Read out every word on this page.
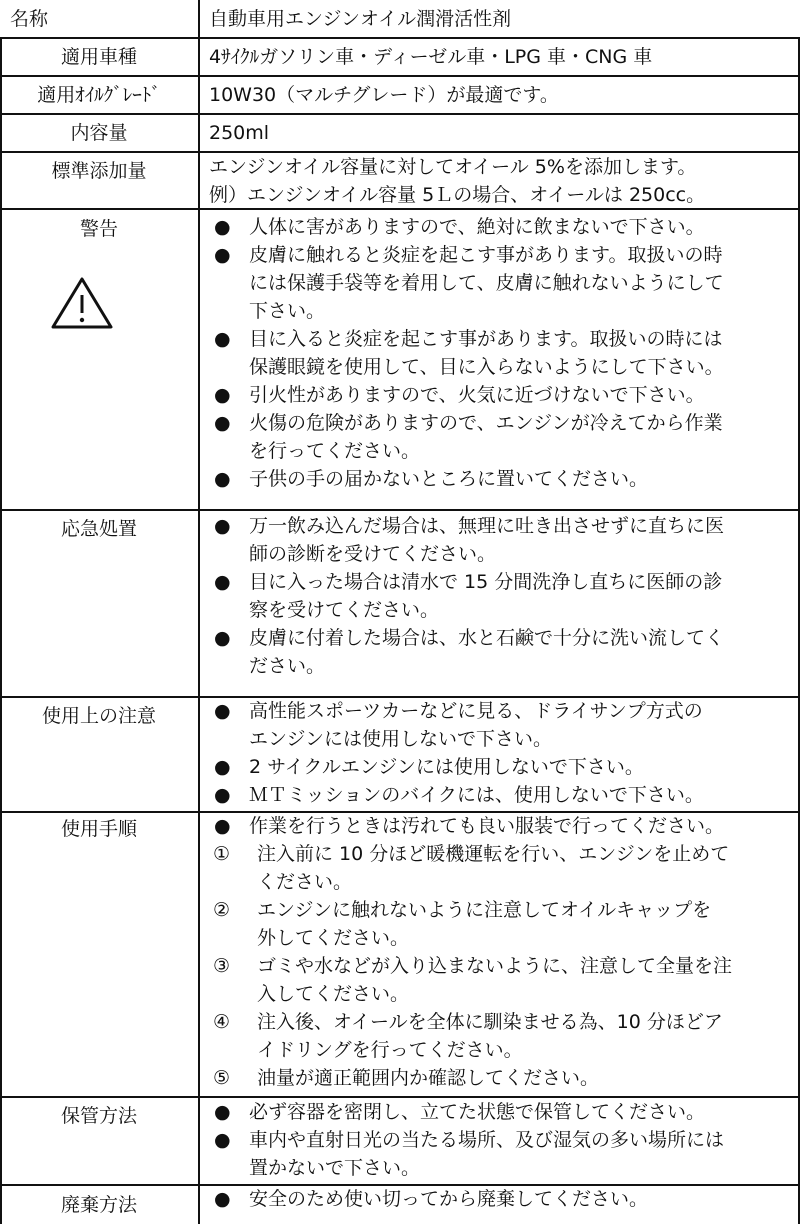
名称	自動車用エンジンオイル潤滑活性剤
適用車種	4ｻｲｸﾙガソリン車・ディーゼル車・LPG 車・CNG 車
適用ｵｲﾙｸﾞﾚｰﾄﾞ	10W30（マルチグレード）が最適です。
内容量	250ml
標準添加量	エンジンオイル容量に対してオイール 5%を添加します。
例）エンジンオイル容量 5Ｌの場合、オイールは 250cc。
警告	● 人体に害がありますので、絶対に飲まないで下さい。
● 皮膚に触れると炎症を起こす事があります。取扱いの時
には保護手袋等を着用して、皮膚に触れないようにして
下さい。
● 目に入ると炎症を起こす事があります。取扱いの時には
保護眼鏡を使用して、目に入らないようにして下さい。
● 引火性がありますので、火気に近づけないで下さい。
● 火傷の危険がありますので、エンジンが冷えてから作業
を行ってください。
● 子供の手の届かないところに置いてください。
応急処置	● 万一飲み込んだ場合は、無理に吐き出させずに直ちに医
師の診断を受けてください。
● 目に入った場合は清水で 15 分間洗浄し直ちに医師の診
察を受けてください。
● 皮膚に付着した場合は、水と石鹸で十分に洗い流してく
ださい。
使用上の注意	● 高性能スポーツカーなどに見る、ドライサンプ方式の
エンジンには使用しないで下さい。
● 2 サイクルエンジンには使用しないで下さい。
● ＭＴミッションのバイクには、使用しないで下さい。
使用手順	● 作業を行うときは汚れても良い服装で行ってください。
①	注入前に 10 分ほど暖機運転を行い、エンジンを止めて
ください。
②	エンジンに触れないように注意してオイルキャップを
外してください。
③	ゴミや水などが入り込まないように、注意して全量を注
入してください。
④	注入後、オイールを全体に馴染ませる為、10 分ほどア
イドリングを行ってください。
⑤	油量が適正範囲内か確認してください。
保管方法	● 必ず容器を密閉し、立てた状態で保管してください。
● 車内や直射日光の当たる場所、及び湿気の多い場所には
置かないで下さい。
廃棄方法	● 安全のため使い切ってから廃棄してください。
